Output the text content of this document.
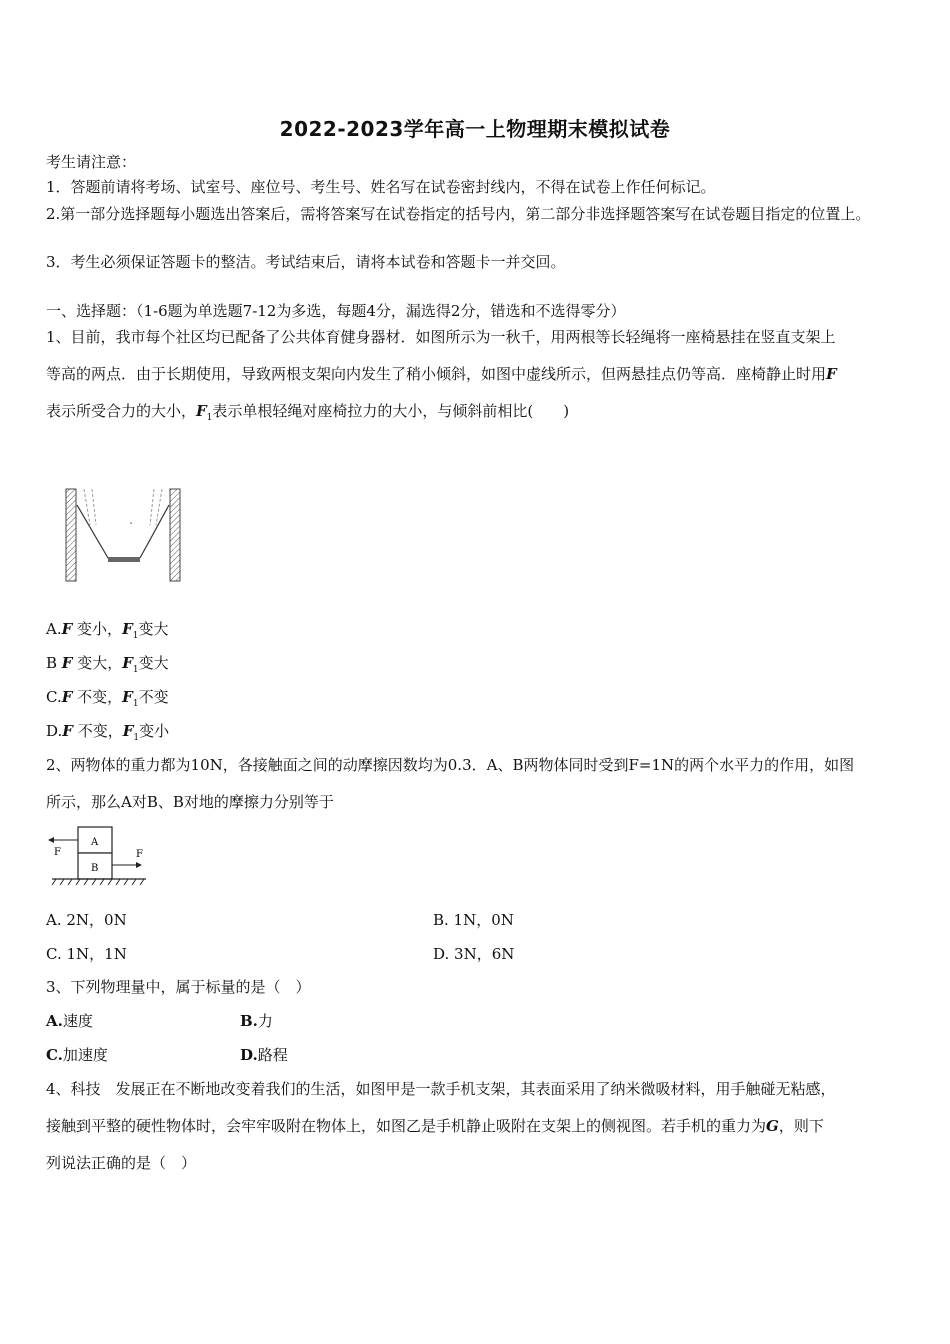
2022-2023学年高一上物理期末模拟试卷
考生请注意：
1．答题前请将考场、试室号、座位号、考生号、姓名写在试卷密封线内，不得在试卷上作任何标记。
2.第一部分选择题每小题选出答案后，需将答案写在试卷指定的括号内，第二部分非选择题答案写在试卷题目指定的位置上。
3．考生必须保证答题卡的整洁。考试结束后，请将本试卷和答题卡一并交回。
一、选择题：（1-6题为单选题7-12为多选，每题4分，漏选得2分，错选和不选得零分）
1、目前，我市每个社区均已配备了公共体育健身器材．如图所示为一秋千，用两根等长轻绳将一座椅悬挂在竖直支架上
等高的两点．由于长期使用，导致两根支架向内发生了稍小倾斜，如图中虚线所示，但两悬挂点仍等高．座椅静止时用F
表示所受合力的大小，$F_1$表示单根轻绳对座椅拉力的大小，与倾斜前相比(　　)
A.F 变小，$F_1$变大
B F 变大，$F_1$变大
C.F 不变，$F_1$不变
D.F 不变，$F_1$变小
2、两物体的重力都为10N，各接触面之间的动摩擦因数均为0.3．A、B两物体同时受到F=1N的两个水平力的作用，如图
所示，那么A对B、B对地的摩擦力分别等于
A
B
F	F
A. 2N，0N	B. 1N，0N
C. 1N，1N	D. 3N，6N
3、下列物理量中，属于标量的是（　）
A.速度	B.力
C.加速度	D.路程
4、科技　发展正在不断地改变着我们的生活，如图甲是一款手机支架，其表面采用了纳米微吸材料，用手触碰无粘感，
接触到平整的硬性物体时，会牢牢吸附在物体上，如图乙是手机静止吸附在支架上的侧视图。若手机的重力为G，则下
列说法正确的是（　）
